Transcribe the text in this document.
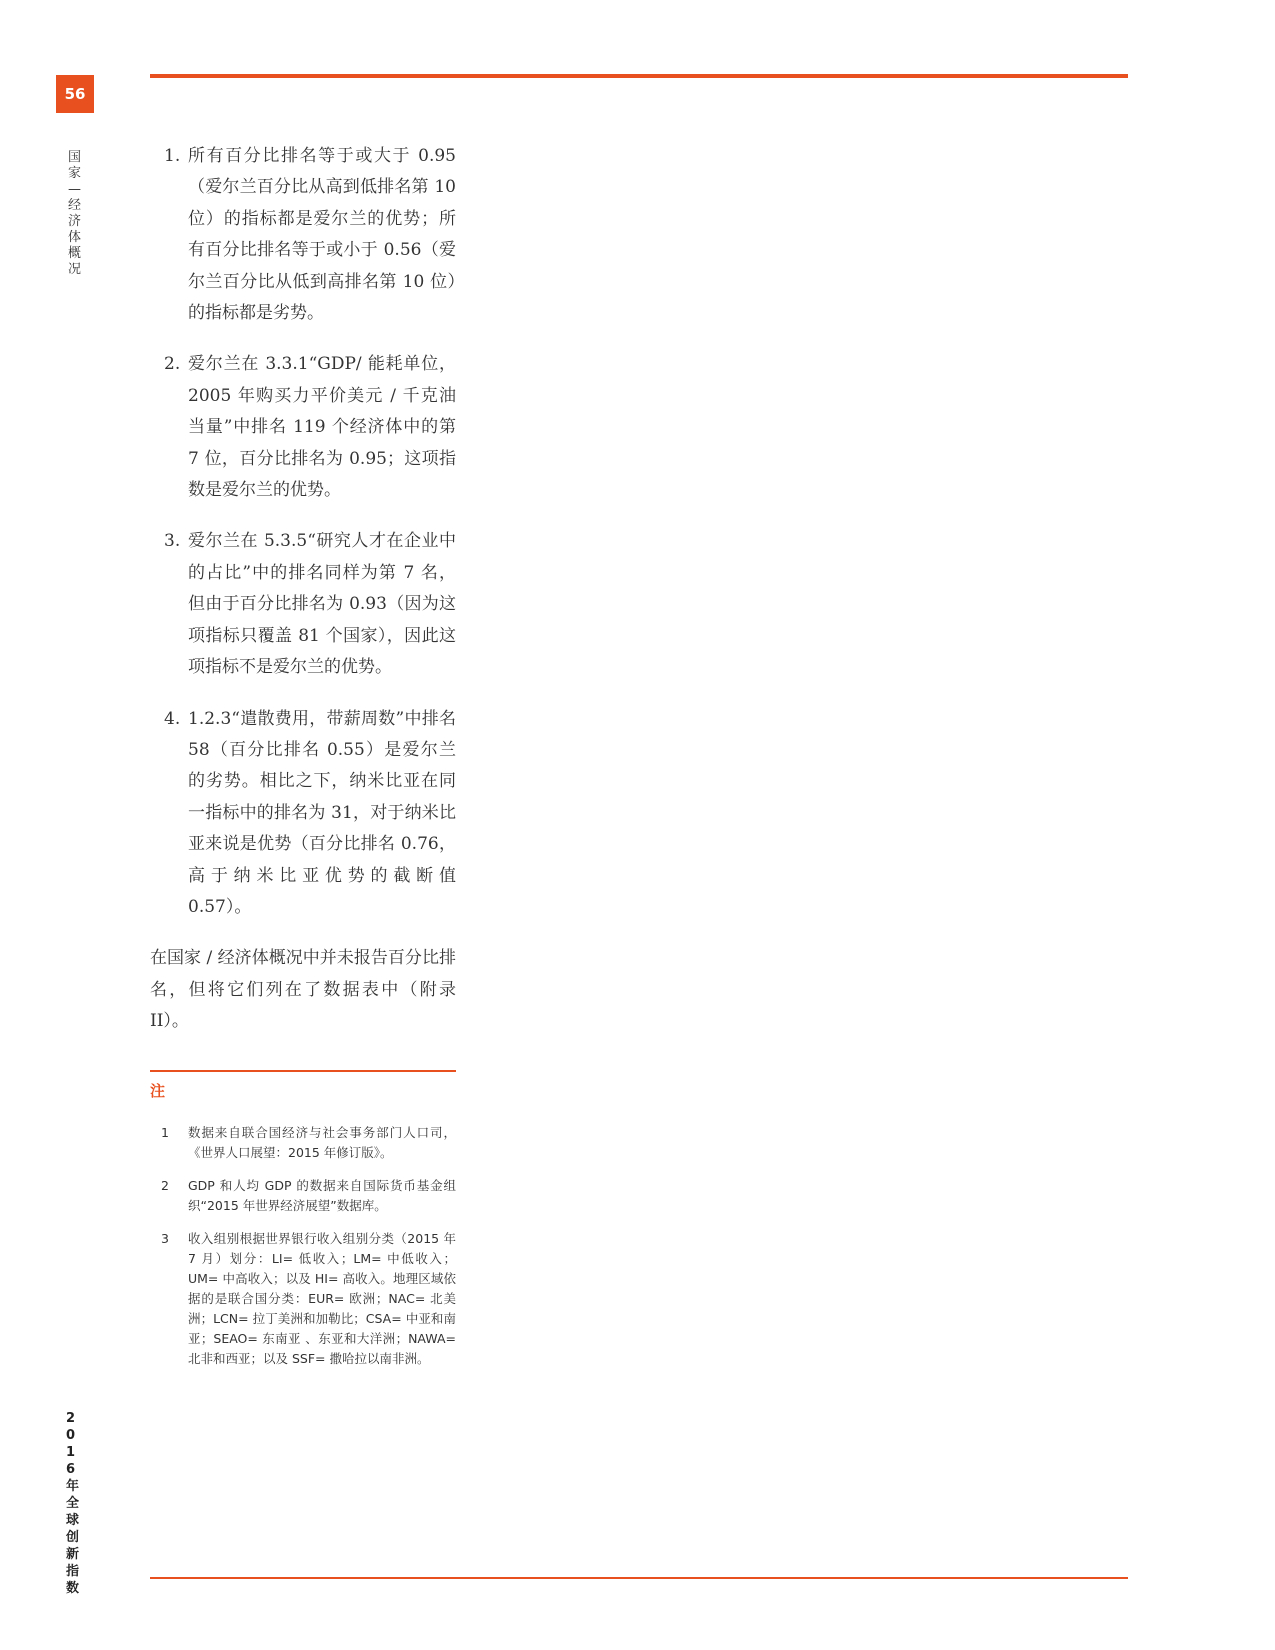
56
国家—经济体概况
1. 所有百分比排名等于或大于 0.95（爱尔兰百分比从高到低排名第 10 位）的指标都是爱尔兰的优势；所有百分比排名等于或小于 0.56（爱尔兰百分比从低到高排名第 10 位）的指标都是劣势。
2. 爱尔兰在 3.3.1“GDP/ 能耗单位，2005 年购买力平价美元 / 千克油当量”中排名 119 个经济体中的第 7 位，百分比排名为 0.95；这项指数是爱尔兰的优势。
3. 爱尔兰在 5.3.5“研究人才在企业中的占比”中的排名同样为第 7 名，但由于百分比排名为 0.93（因为这项指标只覆盖 81 个国家），因此这项指标不是爱尔兰的优势。
4. 1.2.3“遣散费用，带薪周数”中排名 58（百分比排名 0.55）是爱尔兰的劣势。相比之下，纳米比亚在同一指标中的排名为 31，对于纳米比亚来说是优势（百分比排名 0.76，高于纳米比亚优势的截断值 0.57）。

在国家 / 经济体概况中并未报告百分比排名，但将它们列在了数据表中（附录 II）。

注
1 数据来自联合国经济与社会事务部门人口司，《世界人口展望：2015 年修订版》。
2 GDP 和人均 GDP 的数据来自国际货币基金组织“2015 年世界经济展望”数据库。
3 收入组别根据世界银行收入组别分类（2015 年 7 月）划分：LI= 低收入；LM= 中低收入；UM= 中高收入；以及 HI= 高收入。地理区域依据的是联合国分类：EUR= 欧洲；NAC= 北美洲；LCN= 拉丁美洲和加勒比；CSA= 中亚和南亚；SEAO= 东南亚 、东亚和大洋洲；NAWA= 北非和西亚；以及 SSF= 撒哈拉以南非洲。
2016年全球创新指数
